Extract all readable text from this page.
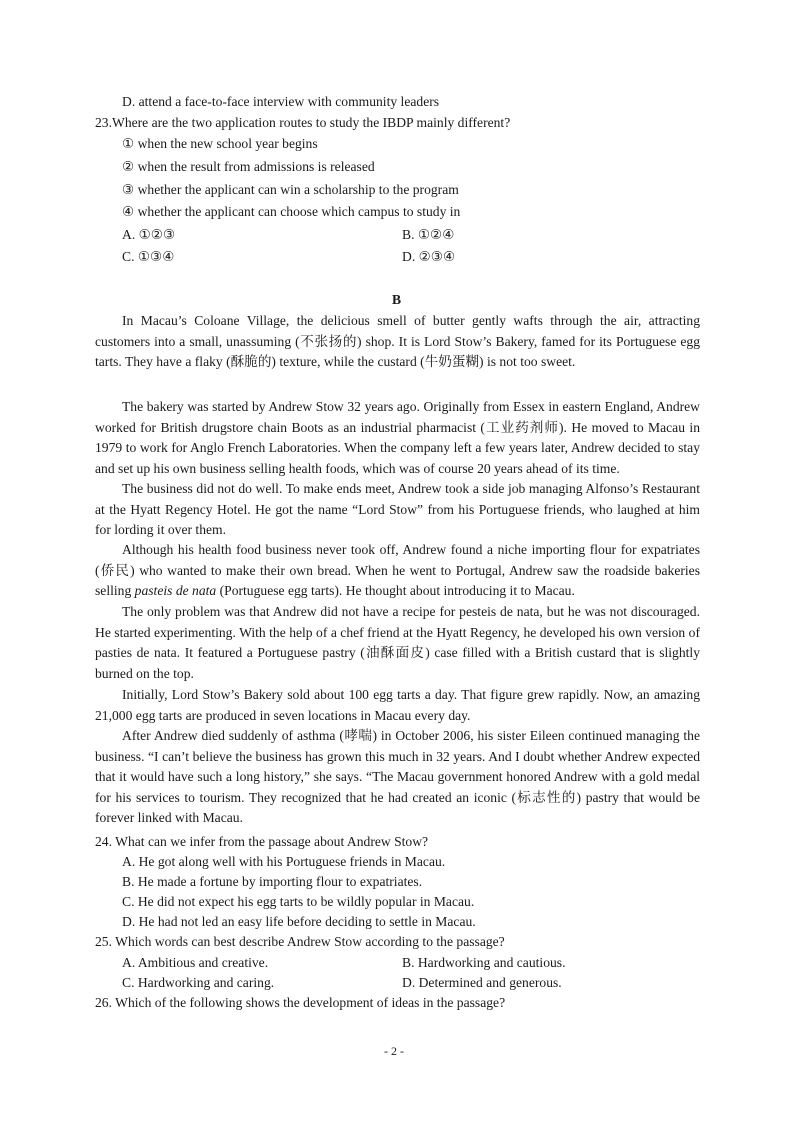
D. attend a face-to-face interview with community leaders
23.Where are the two application routes to study the IBDP mainly different?
① when the new school year begins
② when the result from admissions is released
③ whether the applicant can win a scholarship to the program
④ whether the applicant can choose which campus to study in
A. ①②③	B. ①②④
C. ①③④	D. ②③④
B
In Macau’s Coloane Village, the delicious smell of butter gently wafts through the air, attracting customers into a small, unassuming (不张扬的) shop. It is Lord Stow’s Bakery, famed for its Portuguese egg tarts. They have a flaky (酥脆的) texture, while the custard (牛奶蛋糊) is not too sweet.
The bakery was started by Andrew Stow 32 years ago. Originally from Essex in eastern England, Andrew worked for British drugstore chain Boots as an industrial pharmacist (工业药剂师). He moved to Macau in 1979 to work for Anglo French Laboratories. When the company left a few years later, Andrew decided to stay and set up his own business selling health foods, which was of course 20 years ahead of its time.
The business did not do well. To make ends meet, Andrew took a side job managing Alfonso’s Restaurant at the Hyatt Regency Hotel. He got the name “Lord Stow” from his Portuguese friends, who laughed at him for lording it over them.
Although his health food business never took off, Andrew found a niche importing flour for expatriates (侨民) who wanted to make their own bread. When he went to Portugal, Andrew saw the roadside bakeries selling pasteis de nata (Portuguese egg tarts). He thought about introducing it to Macau.
The only problem was that Andrew did not have a recipe for pesteis de nata, but he was not discouraged. He started experimenting. With the help of a chef friend at the Hyatt Regency, he developed his own version of pasties de nata. It featured a Portuguese pastry (油酥面皮) case filled with a British custard that is slightly burned on the top.
Initially, Lord Stow’s Bakery sold about 100 egg tarts a day. That figure grew rapidly. Now, an amazing 21,000 egg tarts are produced in seven locations in Macau every day.
After Andrew died suddenly of asthma (哮喘) in October 2006, his sister Eileen continued managing the business. “I can’t believe the business has grown this much in 32 years. And I doubt whether Andrew expected that it would have such a long history,” she says. “The Macau government honored Andrew with a gold medal for his services to tourism. They recognized that he had created an iconic (标志性的) pastry that would be forever linked with Macau.
24. What can we infer from the passage about Andrew Stow?
A. He got along well with his Portuguese friends in Macau.
B. He made a fortune by importing flour to expatriates.
C. He did not expect his egg tarts to be wildly popular in Macau.
D. He had not led an easy life before deciding to settle in Macau.
25. Which words can best describe Andrew Stow according to the passage?
A. Ambitious and creative.	B. Hardworking and cautious.
C. Hardworking and caring.	D. Determined and generous.
26. Which of the following shows the development of ideas in the passage?
- 2 -
